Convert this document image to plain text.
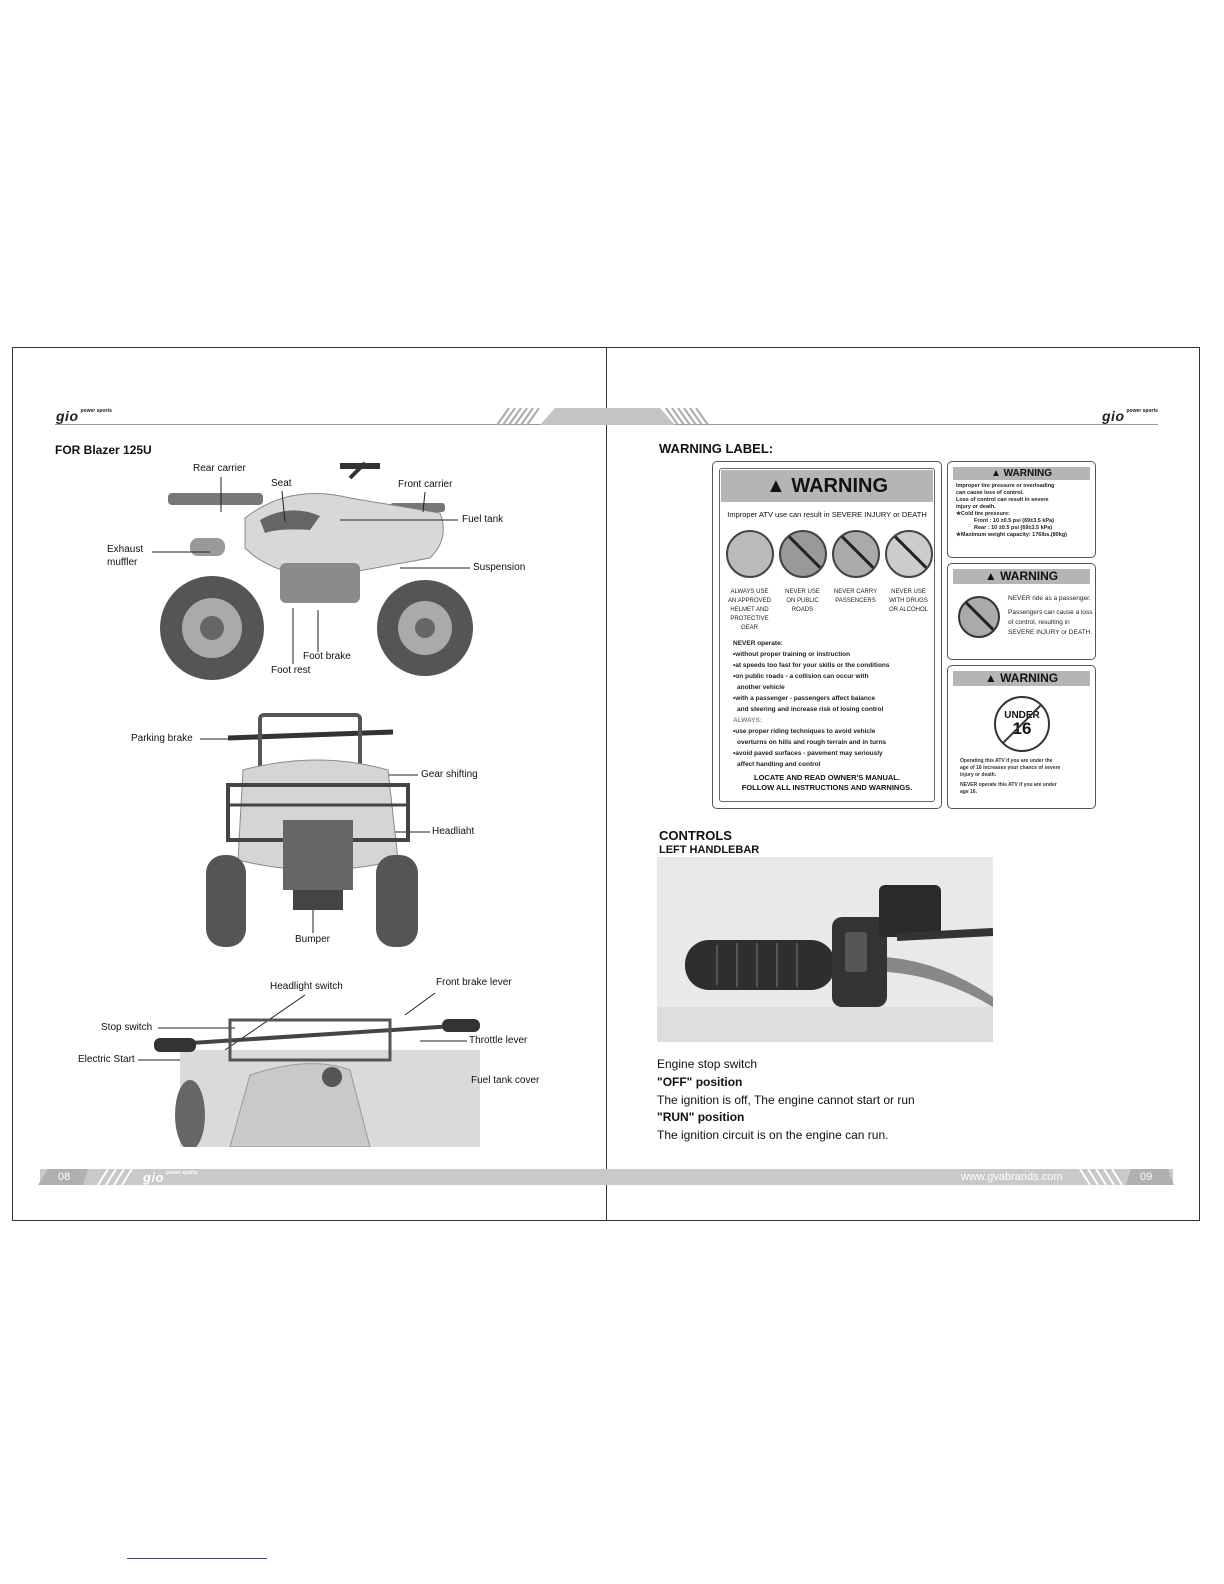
gio $^{power sports}$	gio $^{power sports}$
FOR Blazer 125U
Rear carrier
Seat	Front carrier
Fuel tank
Exhaust
muffler	Suspension
Foot brake
Foot rest
Parking brake
Gear shifting
Headliaht
Bumper
Headlight switch	Front brake lever
Stop switch
Throttle lever
Electric Start
Fuel tank cover
WARNING LABEL:
▲ WARNING
Improper ATV use can result in SEVERE INJURY or DEATH
ALWAYS USE
AN APPROVED
HELMET AND
PROTECTIVE
GEAR
NEVER USE
ON PUBLIC
ROADS
NEVER CARRY
PASSENCERS
NEVER USE
WITH DRUGS
OR ALCOHOL
NEVER operate:
•without proper training or instruction
•at speeds too fast for your skills or the conditions
•on public roads - a collision can occur with
another vehicle
•with a passenger - passengers affect balance
and steering and increase risk of losing control
ALWAYS:
•use proper riding techniques to avoid vehicle
overturns on hills and rough terrain and in turns
•avoid paved surfaces - pavement may seriously
affect handling and control
LOCATE AND READ OWNER'S MANUAL.
FOLLOW ALL INSTRUCTIONS AND WARNINGS.
▲ WARNING
Improper tire pressure or overloading
can cause loss of control.
Loss of control can result in severe
injury or death.
★Cold tire pressure:
Front : 10 ±0.5 psi (69±3.5 kPa)
Rear : 10 ±0.5 psi (69±3.5 kPa)
★Maximum weight capacity: 176lbs.(80kg)
▲ WARNING
NEVER ride as a passenger.
Passengers can cause a loss
of control, resulting in
SEVERE INJURY or DEATH.
▲ WARNING
UNDER
16
Operating this ATV if you are under the
age of 16 increases your chance of severe
injury or death.
NEVER operate this ATV if you are under
age 16.
CONTROLS
LEFT HANDLEBAR
Engine stop switch
"OFF" position
The ignition is off, The engine cannot start or run
"RUN" position
The ignition circuit is on the engine can run.
08	gio $^{power sports}$	www.gvabrands.com	09
